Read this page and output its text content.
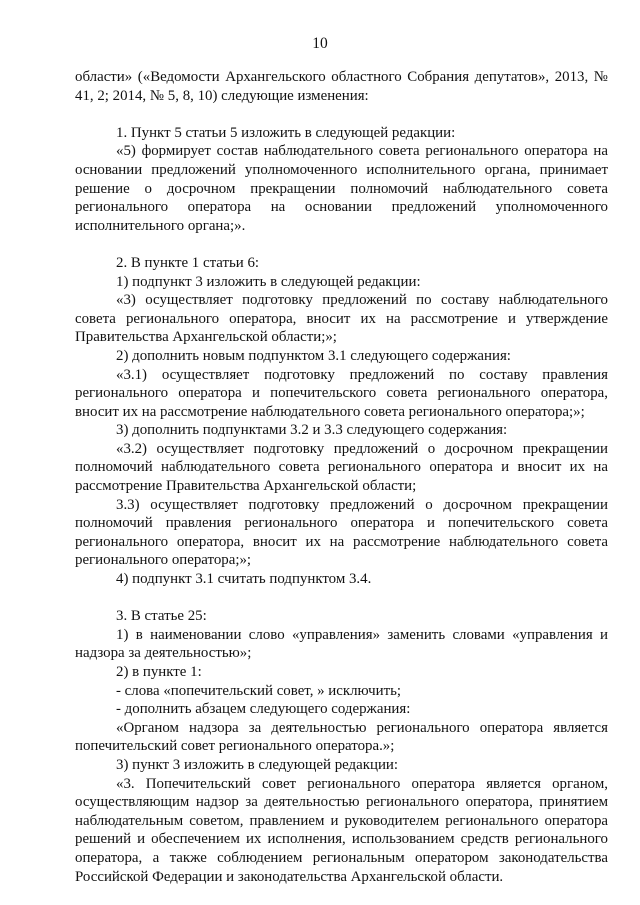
10

области» («Ведомости Архангельского областного Собрания депутатов», 2013, № 41, 2; 2014, № 5, 8, 10) следующие изменения:

1. Пункт 5 статьи 5 изложить в следующей редакции:

«5) формирует состав наблюдательного совета регионального оператора на основании предложений уполномоченного исполнительного органа, принимает решение о досрочном прекращении полномочий наблюдательного совета регионального оператора на основании предложений уполномоченного исполнительного органа;».

2. В пункте 1 статьи 6:

1) подпункт 3 изложить в следующей редакции:

«3) осуществляет подготовку предложений по составу наблюдательного совета регионального оператора, вносит их на рассмотрение и утверждение Правительства Архангельской области;»;

2) дополнить новым подпунктом 3.1 следующего содержания:

«3.1) осуществляет подготовку предложений по составу правления регионального оператора и попечительского совета регионального оператора, вносит их на рассмотрение наблюдательного совета регионального оператора;»;

3) дополнить подпунктами 3.2 и 3.3 следующего содержания:

«3.2) осуществляет подготовку предложений о досрочном прекращении полномочий наблюдательного совета регионального оператора и вносит их на рассмотрение Правительства Архангельской области;

3.3) осуществляет подготовку предложений о досрочном прекращении полномочий правления регионального оператора и попечительского совета регионального оператора, вносит их на рассмотрение наблюдательного совета регионального оператора;»;

4) подпункт 3.1 считать подпунктом 3.4.

3. В статье 25:

1) в наименовании слово «управления» заменить словами «управления и надзора за деятельностью»;

2) в пункте 1:

- слова «попечительский совет, » исключить;

- дополнить абзацем следующего содержания:

«Органом надзора за деятельностью регионального оператора является попечительский совет регионального оператора.»;

3) пункт 3 изложить в следующей редакции:

«3. Попечительский совет регионального оператора является органом, осуществляющим надзор за деятельностью регионального оператора, принятием наблюдательным советом, правлением и руководителем регионального оператора решений и обеспечением их исполнения, использованием средств регионального оператора, а также соблюдением региональным оператором законодательства Российской Федерации и законодательства Архангельской области.
